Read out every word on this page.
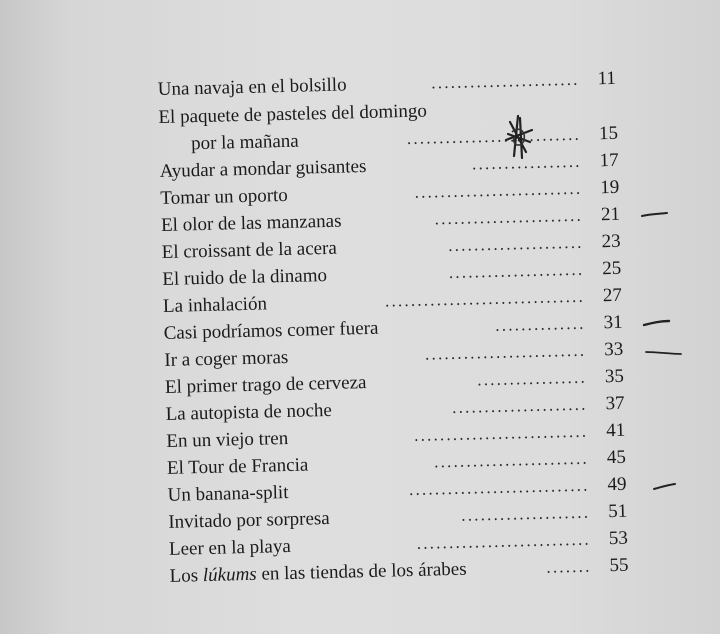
Una navaja en el bolsillo	....................... 11
El paquete de pasteles del domingo
por la mañana	........................... 15
Ayudar a mondar guisantes	................. 17
Tomar un oporto	.......................... 19
El olor de las manzanas	....................... 21
El croissant de la acera	..................... 23
El ruido de la dinamo	..................... 25
La inhalación	............................... 27
Casi podríamos comer fuera	.............. 31
Ir a coger moras	......................... 33
El primer trago de cerveza	................. 35
La autopista de noche	..................... 37
En un viejo tren	........................... 41
El Tour de Francia	........................ 45
Un banana-split	............................ 49
Invitado por sorpresa	.................... 51
Leer en la playa	........................... 53
Los lúkums en las tiendas de los árabes	....... 55
